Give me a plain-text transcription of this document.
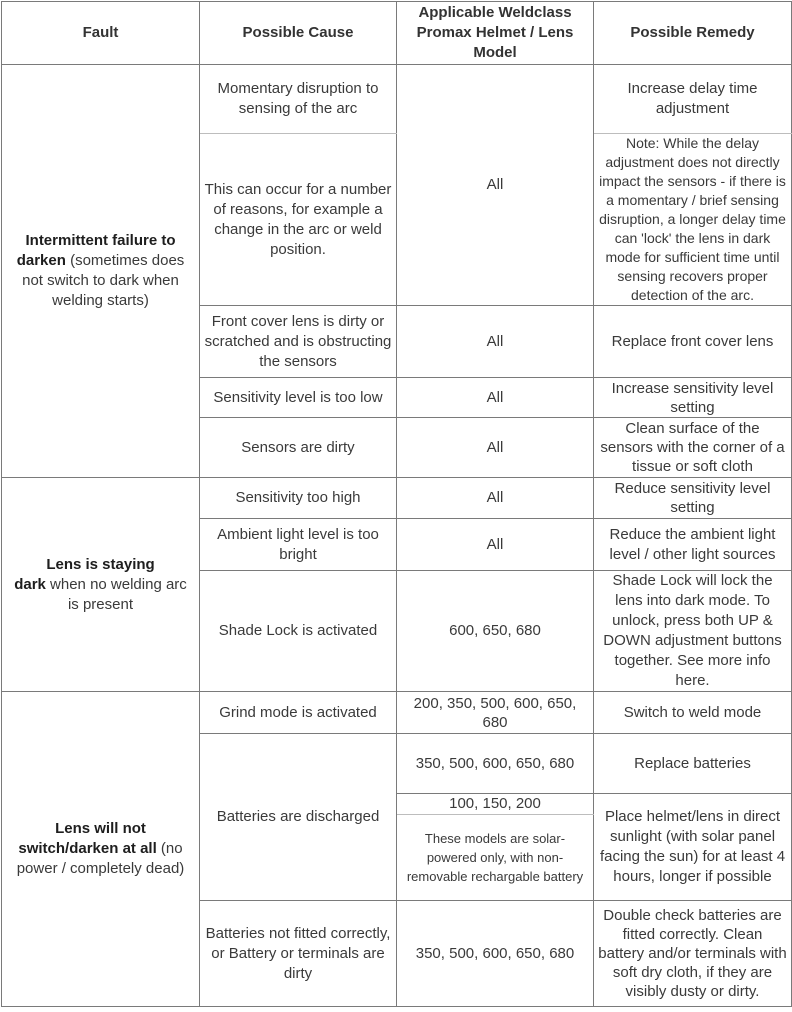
Fault	Possible Cause	Applicable Weldclass Promax Helmet / Lens Model	Possible Remedy
Intermittent failure to darken (sometimes does not switch to dark when welding starts)	Momentary disruption to sensing of the arc	All	Increase delay time adjustment
	This can occur for a number of reasons, for example a change in the arc or weld position.		Note: While the delay adjustment does not directly impact the sensors - if there is a momentary / brief sensing disruption, a longer delay time can 'lock' the lens in dark mode for sufficient time until sensing recovers proper detection of the arc.
	Front cover lens is dirty or scratched and is obstructing the sensors	All	Replace front cover lens
	Sensitivity level is too low	All	Increase sensitivity level setting
	Sensors are dirty	All	Clean surface of the sensors with the corner of a tissue or soft cloth
Lens is staying
dark when no welding arc is present	Sensitivity too high	All	Reduce sensitivity level setting
	Ambient light level is too bright	All	Reduce the ambient light level / other light sources
	Shade Lock is activated	600, 650, 680	Shade Lock will lock the lens into dark mode. To unlock, press both UP & DOWN adjustment buttons together. See more info here.
Lens will not switch/darken at all (no power / completely dead)	Grind mode is activated	200, 350, 500, 600, 650, 680	Switch to weld mode
	Batteries are discharged	350, 500, 600, 650, 680	Replace batteries
		100, 150, 200	Place helmet/lens in direct sunlight (with solar panel facing the sun) for at least 4 hours, longer if possible
		These models are solar-powered only, with non-removable rechargable battery	
	Batteries not fitted correctly, or Battery or terminals are dirty	350, 500, 600, 650, 680	Double check batteries are fitted correctly. Clean battery and/or terminals with soft dry cloth, if they are visibly dusty or dirty.
